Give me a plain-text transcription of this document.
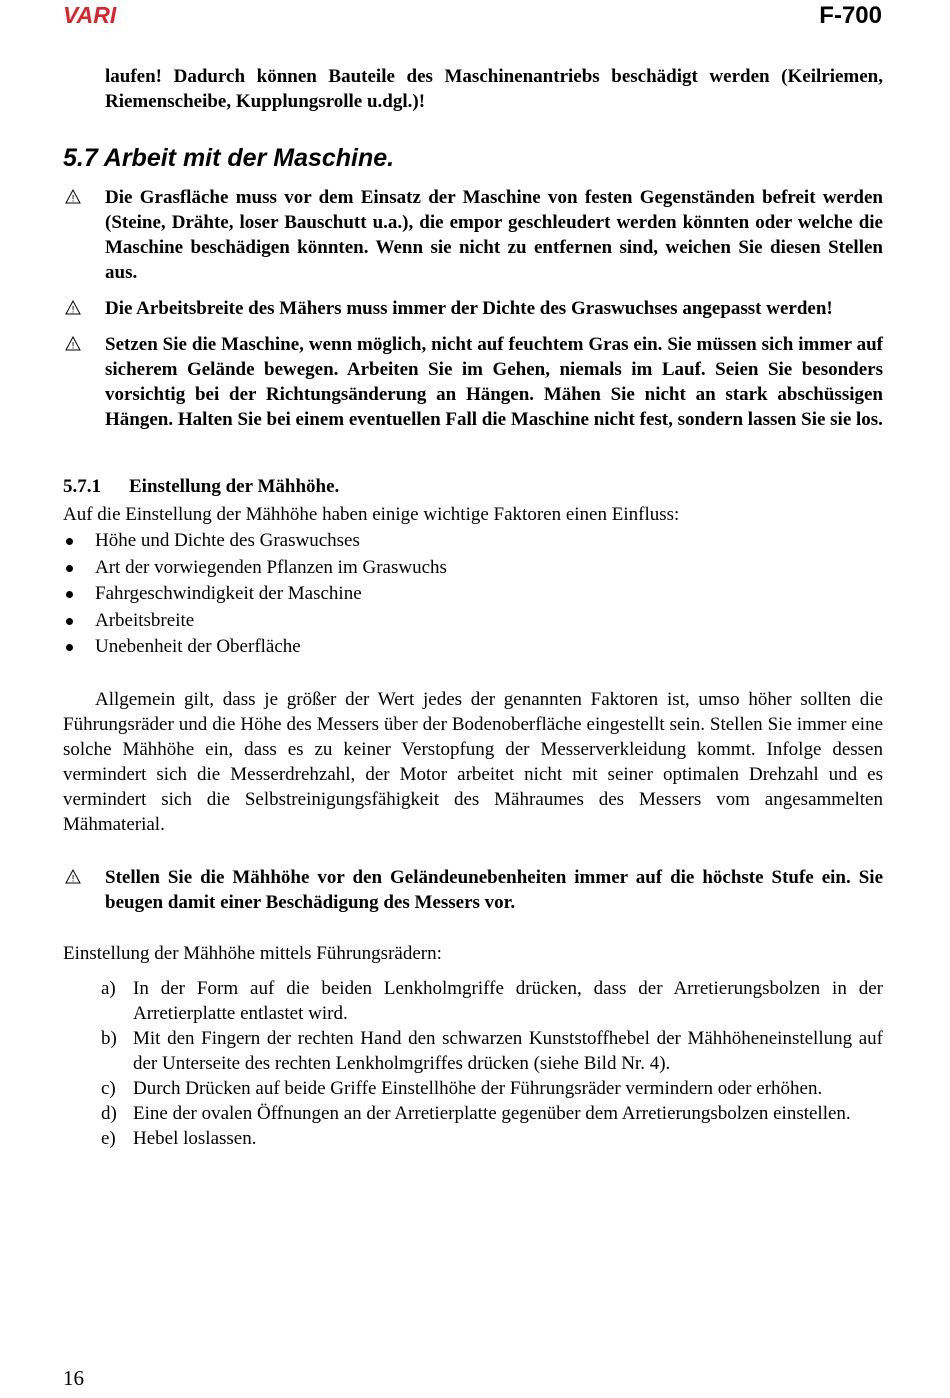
VARI	F-700

laufen! Dadurch können Bauteile des Maschinenantriebs beschädigt werden (Keilriemen, Riemenscheibe, Kupplungsrolle u.dgl.)!

5.7 Arbeit mit der Maschine.
! Die Grasfläche muss vor dem Einsatz der Maschine von festen Gegenständen befreit werden (Steine, Drähte, loser Bauschutt u.a.), die empor geschleudert werden könnten oder welche die Maschine beschädigen könnten. Wenn sie nicht zu entfernen sind, weichen Sie diesen Stellen aus.

! Die Arbeitsbreite des Mähers muss immer der Dichte des Graswuchses angepasst werden!

! Setzen Sie die Maschine, wenn möglich, nicht auf feuchtem Gras ein. Sie müssen sich immer auf sicherem Gelände bewegen. Arbeiten Sie im Gehen, niemals im Lauf. Seien Sie besonders vorsichtig bei der Richtungsänderung an Hängen. Mähen Sie nicht an stark abschüssigen Hängen. Halten Sie bei einem eventuellen Fall die Maschine nicht fest, sondern lassen Sie sie los.

5.7.1 Einstellung der Mähhöhe.

Auf die Einstellung der Mähhöhe haben einige wichtige Faktoren einen Einfluss:

Höhe und Dichte des Graswuchses
Art der vorwiegenden Pflanzen im Graswuchs
Fahrgeschwindigkeit der Maschine
Arbeitsbreite
Unebenheit der Oberfläche

Allgemein gilt, dass je größer der Wert jedes der genannten Faktoren ist, umso höher sollten die Führungsräder und die Höhe des Messers über der Bodenoberfläche eingestellt sein. Stellen Sie immer eine solche Mähhöhe ein, dass es zu keiner Verstopfung der Messerverkleidung kommt. Infolge dessen vermindert sich die Messerdrehzahl, der Motor arbeitet nicht mit seiner optimalen Drehzahl und es vermindert sich die Selbstreinigungsfähigkeit des Mähraumes des Messers vom angesammelten Mähmaterial.

! Stellen Sie die Mähhöhe vor den Geländeunebenheiten immer auf die höchste Stufe ein. Sie beugen damit einer Beschädigung des Messers vor.

Einstellung der Mähhöhe mittels Führungsrädern:

a) In der Form auf die beiden Lenkholmgriffe drücken, dass der Arretierungsbolzen in der Arretierplatte entlastet wird.
b) Mit den Fingern der rechten Hand den schwarzen Kunststoffhebel der Mähhöheneinstellung auf der Unterseite des rechten Lenkholmgriffes drücken (siehe Bild Nr. 4).
c) Durch Drücken auf beide Griffe Einstellhöhe der Führungsräder vermindern oder erhöhen.
d) Eine der ovalen Öffnungen an der Arretierplatte gegenüber dem Arretierungsbolzen einstellen.
e) Hebel loslassen.
16
